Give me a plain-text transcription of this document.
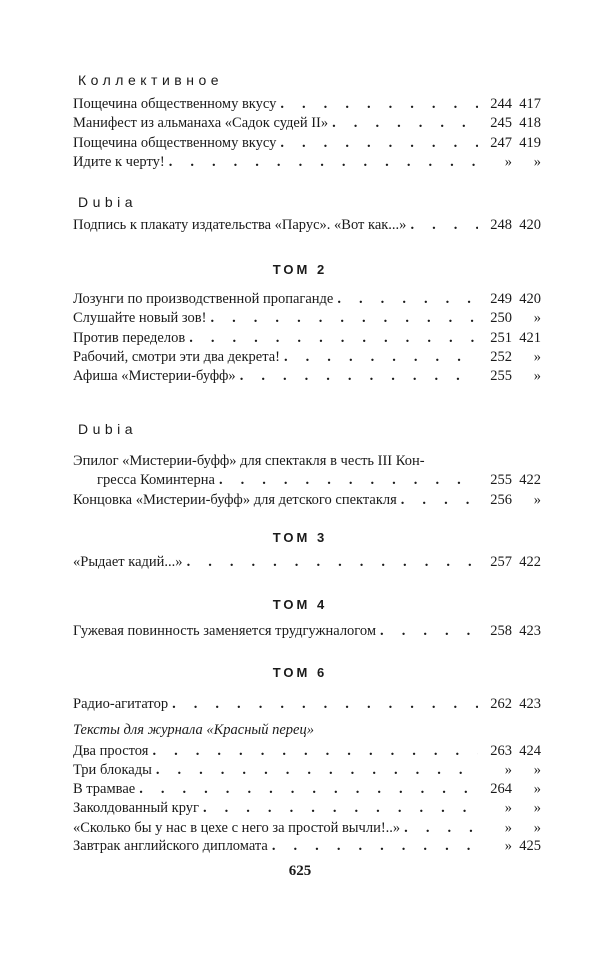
Коллективное
Пощечина общественному вкусу . . .	244 417
Манифест из альманаха «Садок судей II» . . .	245 418
Пощечина общественному вкусу . . .	247 419
Идите к черту! . . .	»	»
Dubia
Подпись к плакату издательства «Парус». «Вот как...» . . .	248 420
ТОМ 2
Лозунги по производственной пропаганде . . .	249 420
Слушайте новый зов! . . .	250	»
Против переделов . . .	251 421
Рабочий, смотри эти два декрета! . . .	252	»
Афиша «Мистерии-буфф» . . .	255	»
Dubia
Эпилог «Мистерии-буфф» для спектакля в честь III Кон-
гресса Коминтерна . . .	255 422
Концовка «Мистерии-буфф» для детского спектакля . . .	256	»
ТОМ 3
«Рыдает кадий...» . . .	257 422
ТОМ 4
Гужевая повинность заменяется трудгужналогом . . .	258 423
ТОМ 6
Радио-агитатор . . .	262 423
Тексты для журнала «Красный перец»
Два простоя . . .	263 424
Три блокады . . .	»	»
В трамвае . . .	264	»
Заколдованный круг . . .	»	»
«Сколько бы у нас в цехе с него за простой вычли!..» . . .	»	»
Завтрак английского дипломата . . .	» 425
625
